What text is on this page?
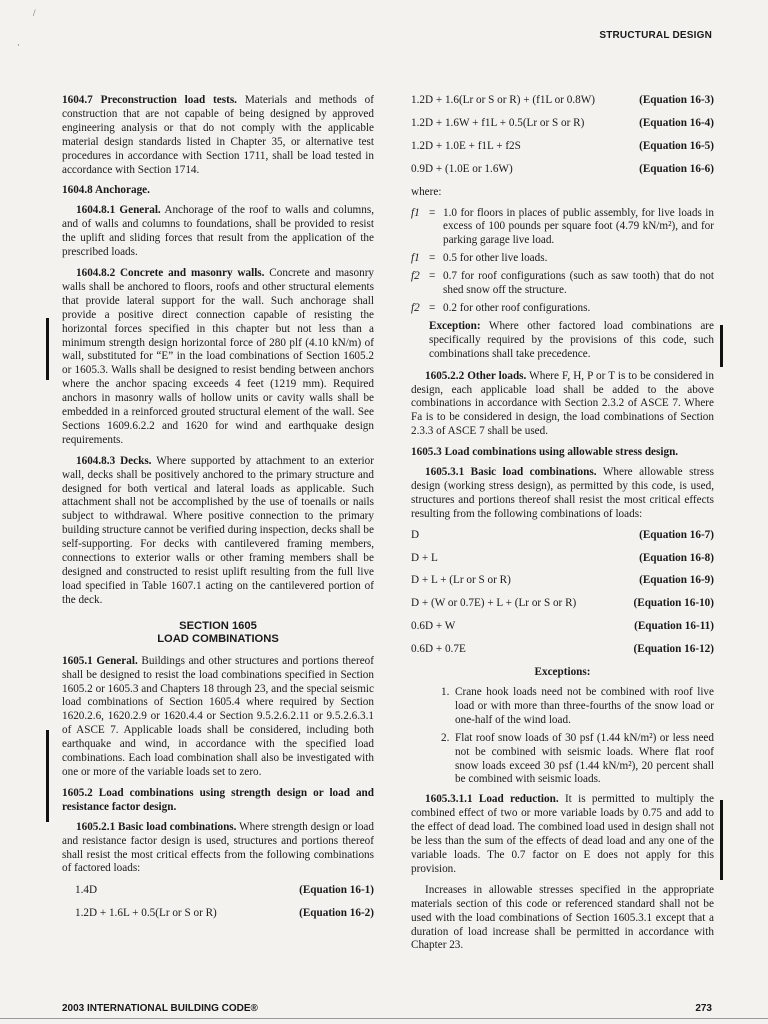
/
·
STRUCTURAL DESIGN

1604.7 Preconstruction load tests. Materials and methods of construction that are not capable of being designed by approved engineering analysis or that do not comply with the applicable material design standards listed in Chapter 35, or alternative test procedures in accordance with Section 1711, shall be load tested in accordance with Section 1714.

1604.8 Anchorage.

1604.8.1 General. Anchorage of the roof to walls and columns, and of walls and columns to foundations, shall be provided to resist the uplift and sliding forces that result from the application of the prescribed loads.

1604.8.2 Concrete and masonry walls. Concrete and masonry walls shall be anchored to floors, roofs and other structural elements that provide lateral support for the wall. Such anchorage shall provide a positive direct connection capable of resisting the horizontal forces specified in this chapter but not less than a minimum strength design horizontal force of 280 plf (4.10 kN/m) of wall, substituted for “E” in the load combinations of Section 1605.2 or 1605.3. Walls shall be designed to resist bending between anchors where the anchor spacing exceeds 4 feet (1219 mm). Required anchors in masonry walls of hollow units or cavity walls shall be embedded in a reinforced grouted structural element of the wall. See Sections 1609.6.2.2 and 1620 for wind and earthquake design requirements.

1604.8.3 Decks. Where supported by attachment to an exterior wall, decks shall be positively anchored to the primary structure and designed for both vertical and lateral loads as applicable. Such attachment shall not be accomplished by the use of toenails or nails subject to withdrawal. Where positive connection to the primary building structure cannot be verified during inspection, decks shall be self-supporting. For decks with cantilevered framing members, connections to exterior walls or other framing members shall be designed and constructed to resist uplift resulting from the full live load specified in Table 1607.1 acting on the cantilevered portion of the deck.

SECTION 1605
LOAD COMBINATIONS

1605.1 General. Buildings and other structures and portions thereof shall be designed to resist the load combinations specified in Section 1605.2 or 1605.3 and Chapters 18 through 23, and the special seismic load combinations of Section 1605.4 where required by Section 1620.2.6, 1620.2.9 or 1620.4.4 or Section 9.5.2.6.2.11 or 9.5.2.6.3.1 of ASCE 7. Applicable loads shall be considered, including both earthquake and wind, in accordance with the specified load combinations. Each load combination shall also be investigated with one or more of the variable loads set to zero.

1605.2 Load combinations using strength design or load and resistance factor design.

1605.2.1 Basic load combinations. Where strength design or load and resistance factor design is used, structures and portions thereof shall resist the most critical effects from the following combinations of factored loads:

1.4D	(Equation 16-1)
1.2D + 1.6L + 0.5(Lr or S or R)	(Equation 16-2)
1.2D + 1.6(Lr or S or R) + (f1L or 0.8W)	(Equation 16-3)
1.2D + 1.6W + f1L + 0.5(Lr or S or R)	(Equation 16-4)
1.2D + 1.0E + f1L + f2S	(Equation 16-5)
0.9D + (1.0E or 1.6W)	(Equation 16-6)

where:

f1 = 1.0 for floors in places of public assembly, for live loads in excess of 100 pounds per square foot (4.79 kN/m²), and for parking garage live load.
f1 = 0.5 for other live loads.
f2 = 0.7 for roof configurations (such as saw tooth) that do not shed snow off the structure.
f2 = 0.2 for other roof configurations.

Exception: Where other factored load combinations are specifically required by the provisions of this code, such combinations shall take precedence.

1605.2.2 Other loads. Where F, H, P or T is to be considered in design, each applicable load shall be added to the above combinations in accordance with Section 2.3.2 of ASCE 7. Where Fa is to be considered in design, the load combinations of Section 2.3.3 of ASCE 7 shall be used.

1605.3 Load combinations using allowable stress design.

1605.3.1 Basic load combinations. Where allowable stress design (working stress design), as permitted by this code, is used, structures and portions thereof shall resist the most critical effects resulting from the following combinations of loads:

D	(Equation 16-7)
D + L	(Equation 16-8)
D + L + (Lr or S or R)	(Equation 16-9)
D + (W or 0.7E) + L + (Lr or S or R)	(Equation 16-10)
0.6D + W	(Equation 16-11)
0.6D + 0.7E	(Equation 16-12)

Exceptions:

1. Crane hook loads need not be combined with roof live load or with more than three-fourths of the snow load or one-half of the wind load.
2. Flat roof snow loads of 30 psf (1.44 kN/m²) or less need not be combined with seismic loads. Where flat roof snow loads exceed 30 psf (1.44 kN/m²), 20 percent shall be combined with seismic loads.

1605.3.1.1 Load reduction. It is permitted to multiply the combined effect of two or more variable loads by 0.75 and add to the effect of dead load. The combined load used in design shall not be less than the sum of the effects of dead load and any one of the variable loads. The 0.7 factor on E does not apply for this provision.

Increases in allowable stresses specified in the appropriate materials section of this code or referenced standard shall not be used with the load combinations of Section 1605.3.1 except that a duration of load increase shall be permitted in accordance with Chapter 23.

2003 INTERNATIONAL BUILDING CODE®	273
